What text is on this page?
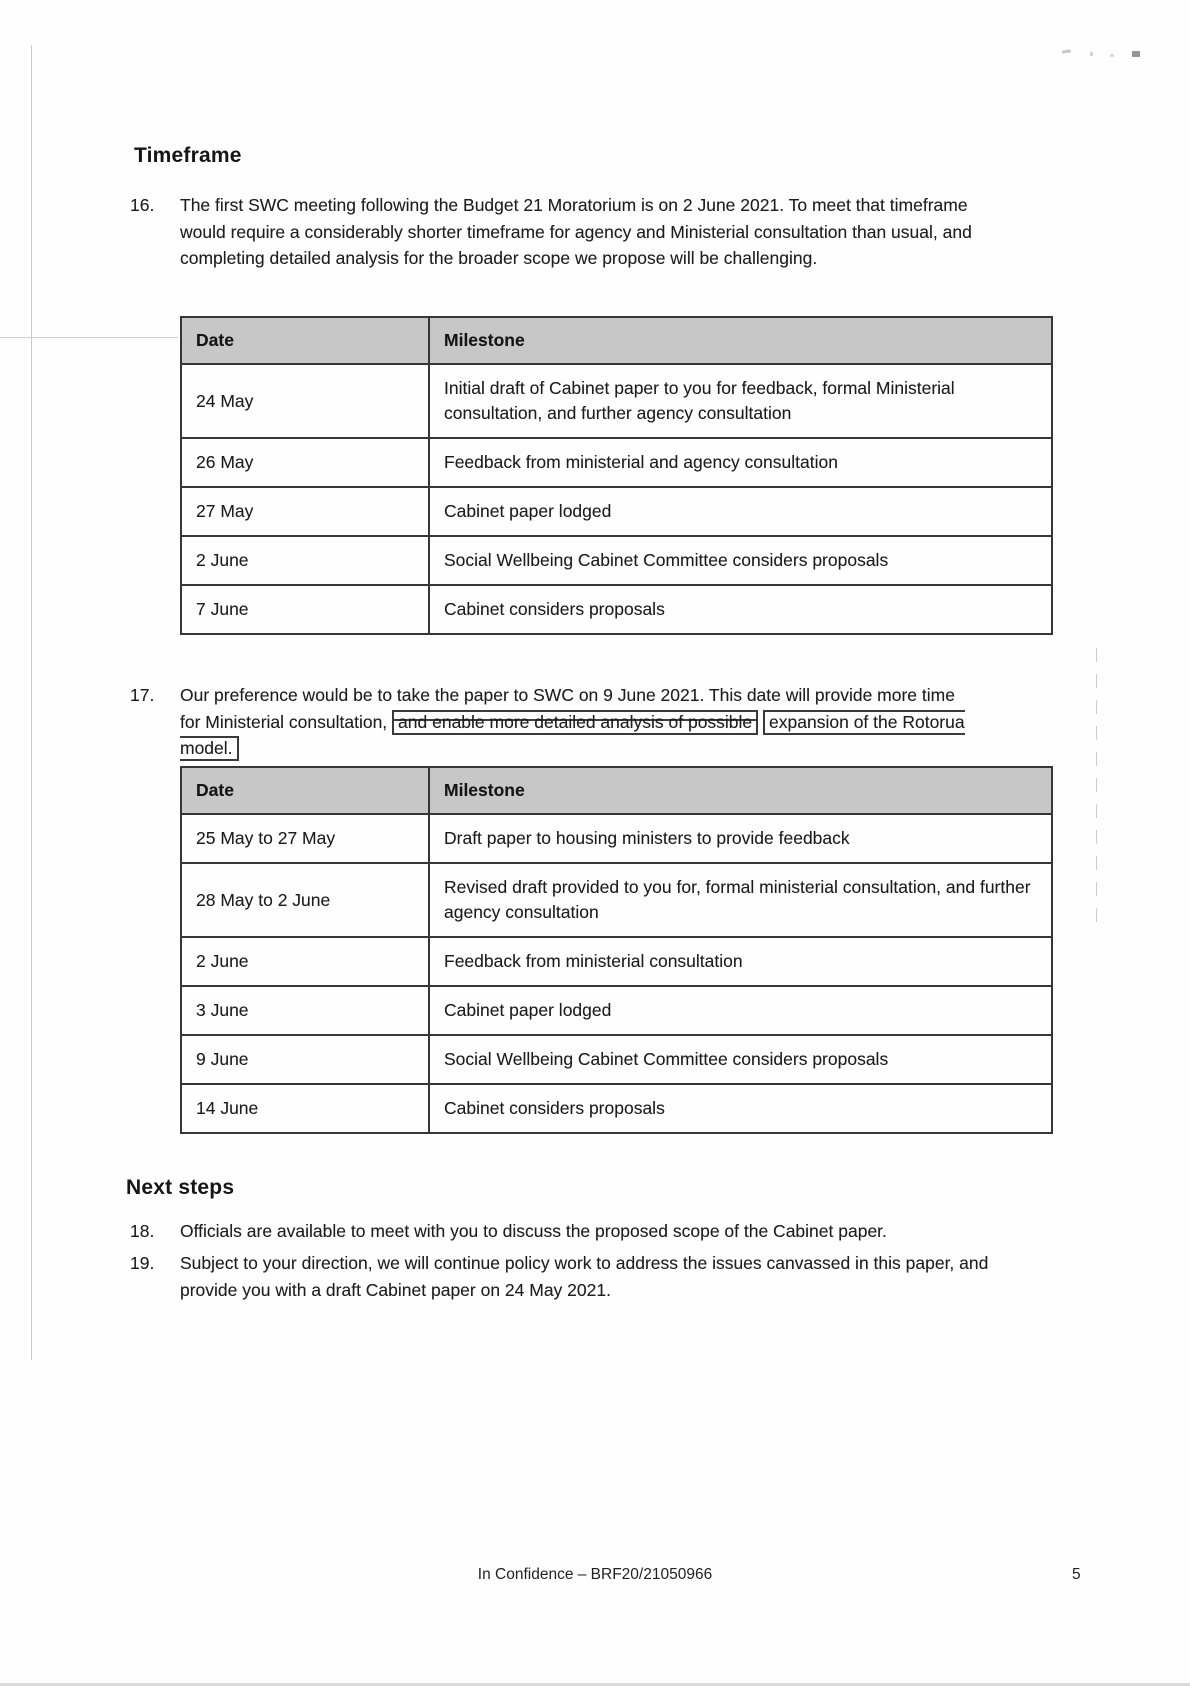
Timeframe
16.	The first SWC meeting following the Budget 21 Moratorium is on 2 June 2021. To meet that timeframe would require a considerably shorter timeframe for agency and Ministerial consultation than usual, and completing detailed analysis for the broader scope we propose will be challenging.
Date	Milestone
24 May	Initial draft of Cabinet paper to you for feedback, formal Ministerial consultation, and further agency consultation
26 May	Feedback from ministerial and agency consultation
27 May	Cabinet paper lodged
2 June	Social Wellbeing Cabinet Committee considers proposals
7 June	Cabinet considers proposals
17.	Our preference would be to take the paper to SWC on 9 June 2021. This date will provide more time for Ministerial consultation, and enable more detailed analysis of possible expansion of the Rotorua model.
Date	Milestone
25 May to 27 May	Draft paper to housing ministers to provide feedback
28 May to 2 June	Revised draft provided to you for, formal ministerial consultation, and further agency consultation
2 June	Feedback from ministerial consultation
3 June	Cabinet paper lodged
9 June	Social Wellbeing Cabinet Committee considers proposals
14 June	Cabinet considers proposals
Next steps
18.	Officials are available to meet with you to discuss the proposed scope of the Cabinet paper.
19.	Subject to your direction, we will continue policy work to address the issues canvassed in this paper, and provide you with a draft Cabinet paper on 24 May 2021.
In Confidence – BRF20/21050966	5
